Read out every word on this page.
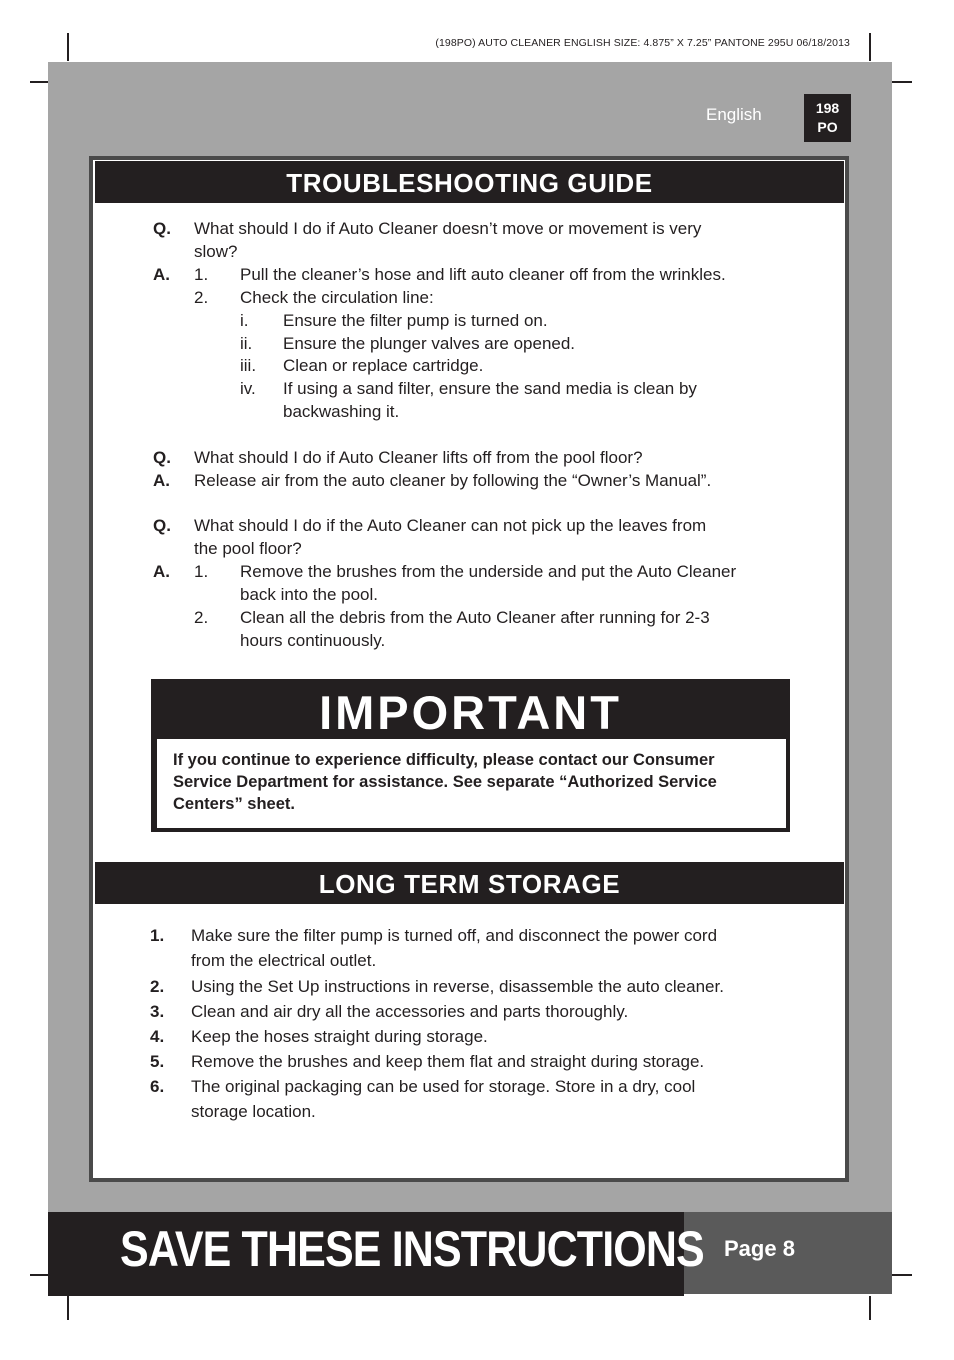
(198PO) AUTO CLEANER ENGLISH SIZE: 4.875” X 7.25” PANTONE 295U 06/18/2013
English	198
PO
TROUBLESHOOTING GUIDE
Q. What should I do if Auto Cleaner doesn’t move or movement is very
slow?
A. 1. Pull the cleaner’s hose and lift auto cleaner off from the wrinkles.
2. Check the circulation line:
i. Ensure the filter pump is turned on.
ii. Ensure the plunger valves are opened.
iii. Clean or replace cartridge.
iv. If using a sand filter, ensure the sand media is clean by
backwashing it.
Q. What should I do if Auto Cleaner lifts off from the pool floor?
A. Release air from the auto cleaner by following the “Owner’s Manual”.
Q. What should I do if the Auto Cleaner can not pick up the leaves from
the pool floor?
A. 1. Remove the brushes from the underside and put the Auto Cleaner
back into the pool.
2. Clean all the debris from the Auto Cleaner after running for 2-3
hours continuously.
IMPORTANT
If you continue to experience difficulty, please contact our Consumer
Service Department for assistance. See separate “Authorized Service
Centers” sheet.
LONG TERM STORAGE
1. Make sure the filter pump is turned off, and disconnect the power cord
from the electrical outlet.
2. Using the Set Up instructions in reverse, disassemble the auto cleaner.
3. Clean and air dry all the accessories and parts thoroughly.
4. Keep the hoses straight during storage.
5. Remove the brushes and keep them flat and straight during storage.
6. The original packaging can be used for storage. Store in a dry, cool
storage location.
SAVE THESE INSTRUCTIONS Page 8
